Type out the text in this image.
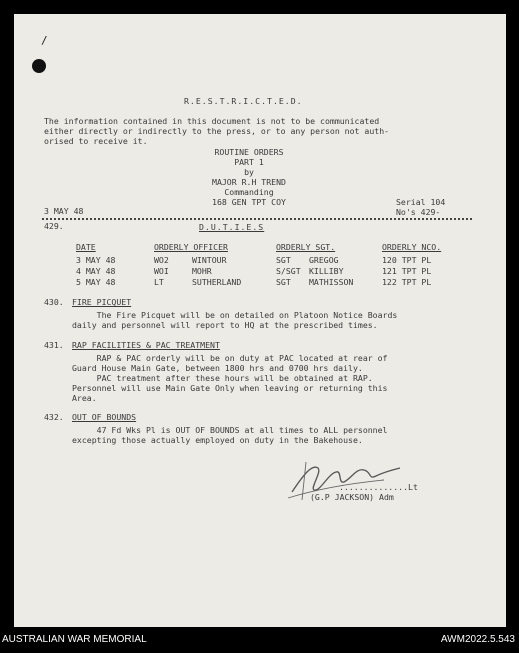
/
R.E.S.T.R.I.C.T.E.D.
The information contained in this document is not to be communicated
either directly or indirectly to the press, or to any person not auth-
orised to receive it.
ROUTINE ORDERS
PART 1
by
MAJOR R.H TREND
Commanding
168 GEN TPT COY
3 MAY 48
Serial 104
No's 429-
429.	D.U.T.I.E.S
DATE	ORDERLY OFFICER	ORDERLY SGT.	ORDERLY NCO.
3 MAY 48	WO2	WINTOUR	SGT GREGOG	120 TPT PL
4 MAY 48	WOI	MOHR	S/SGT KILLIBY	121 TPT PL
5 MAY 48	LT	SUTHERLAND	SGT MATHISSON	122 TPT PL
430. FIRE PICQUET
The Fire Picquet will be on detailed on Platoon Notice Boards
daily and personnel will report to HQ at the prescribed times.
431. RAP FACILITIES & PAC TREATMENT
RAP & PAC orderly will be on duty at PAC located at rear of
Guard House Main Gate, between 1800 hrs and 0700 hrs daily.
PAC treatment after these hours will be obtained at RAP.
Personnel will use Main Gate Only when leaving or returning this
Area.
432. OUT OF BOUNDS
47 Fd Wks Pl is OUT OF BOUNDS at all times to ALL personnel
excepting those actually employed on duty in the Bakehouse.
..............Lt
(G.P JACKSON) Adm
AUSTRALIAN WAR MEMORIAL	AWM2022.5.543
